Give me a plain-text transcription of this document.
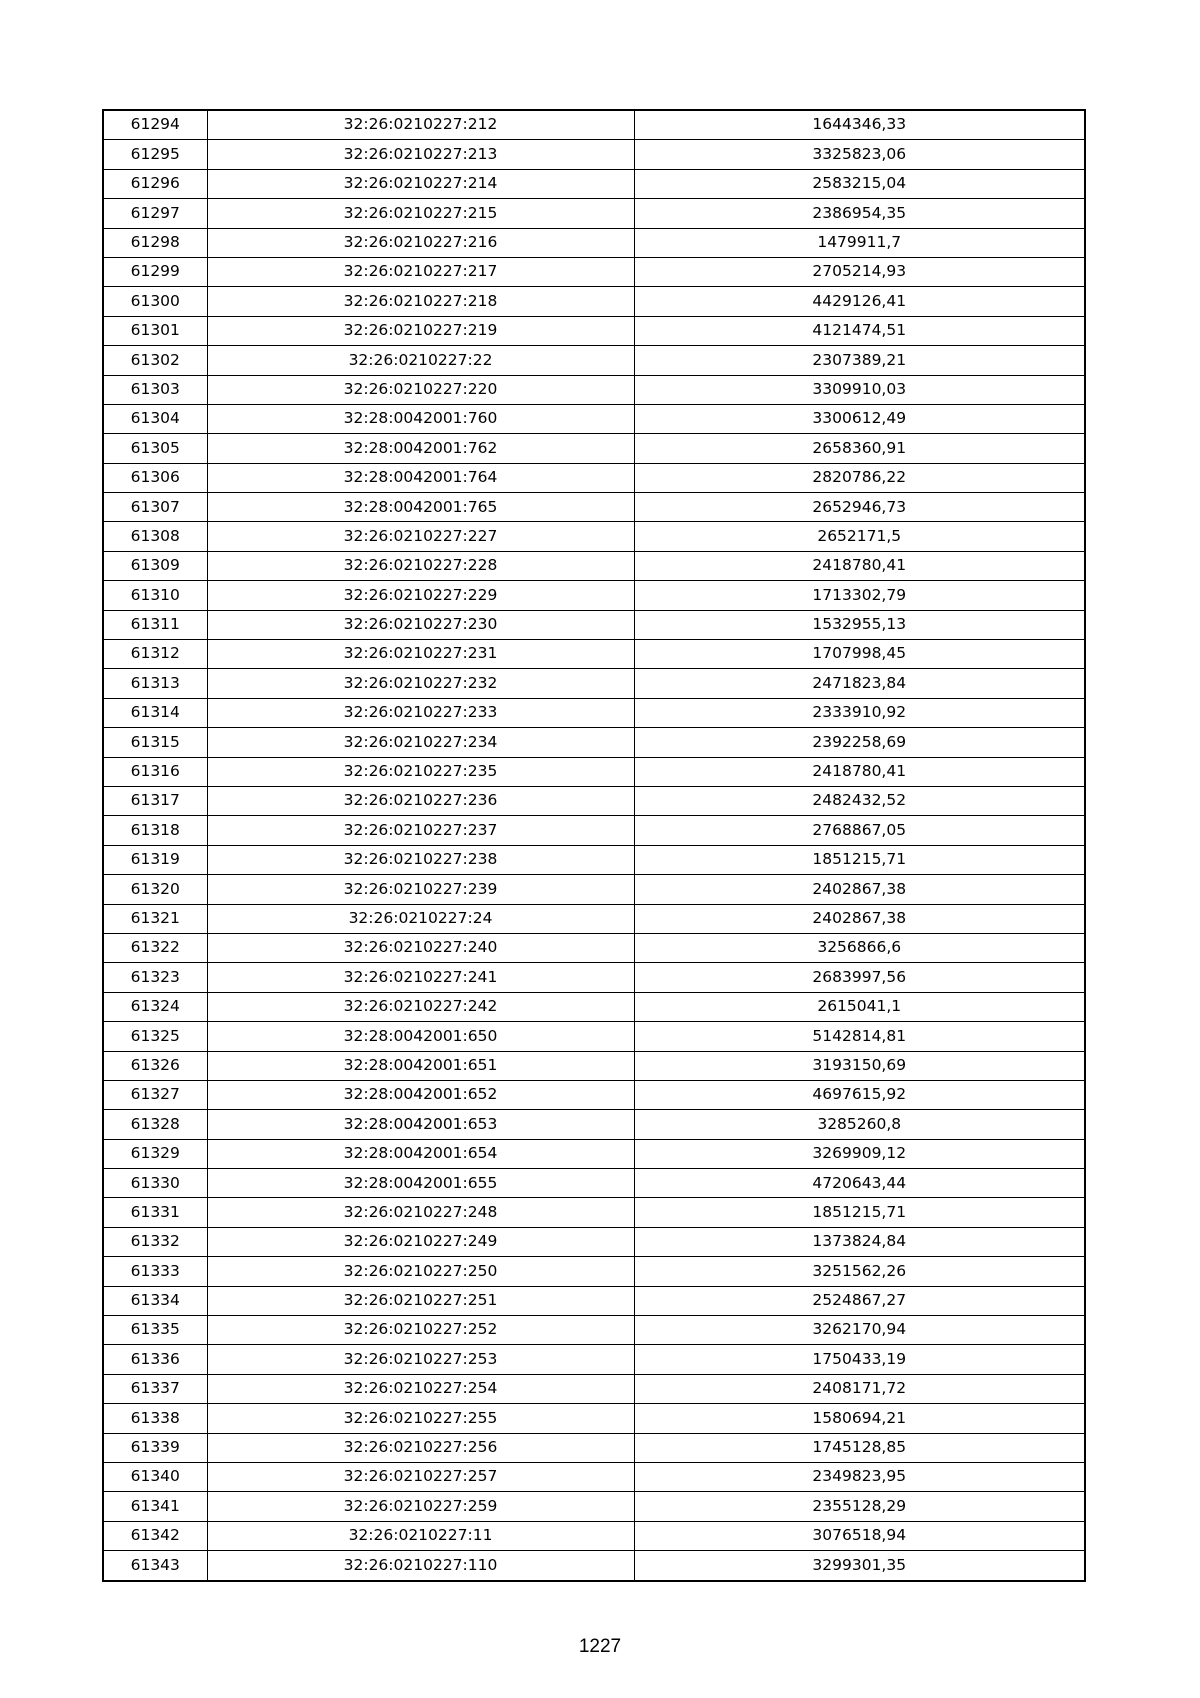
61294	32:26:0210227:212	1644346,33
61295	32:26:0210227:213	3325823,06
61296	32:26:0210227:214	2583215,04
61297	32:26:0210227:215	2386954,35
61298	32:26:0210227:216	1479911,7
61299	32:26:0210227:217	2705214,93
61300	32:26:0210227:218	4429126,41
61301	32:26:0210227:219	4121474,51
61302	32:26:0210227:22	2307389,21
61303	32:26:0210227:220	3309910,03
61304	32:28:0042001:760	3300612,49
61305	32:28:0042001:762	2658360,91
61306	32:28:0042001:764	2820786,22
61307	32:28:0042001:765	2652946,73
61308	32:26:0210227:227	2652171,5
61309	32:26:0210227:228	2418780,41
61310	32:26:0210227:229	1713302,79
61311	32:26:0210227:230	1532955,13
61312	32:26:0210227:231	1707998,45
61313	32:26:0210227:232	2471823,84
61314	32:26:0210227:233	2333910,92
61315	32:26:0210227:234	2392258,69
61316	32:26:0210227:235	2418780,41
61317	32:26:0210227:236	2482432,52
61318	32:26:0210227:237	2768867,05
61319	32:26:0210227:238	1851215,71
61320	32:26:0210227:239	2402867,38
61321	32:26:0210227:24	2402867,38
61322	32:26:0210227:240	3256866,6
61323	32:26:0210227:241	2683997,56
61324	32:26:0210227:242	2615041,1
61325	32:28:0042001:650	5142814,81
61326	32:28:0042001:651	3193150,69
61327	32:28:0042001:652	4697615,92
61328	32:28:0042001:653	3285260,8
61329	32:28:0042001:654	3269909,12
61330	32:28:0042001:655	4720643,44
61331	32:26:0210227:248	1851215,71
61332	32:26:0210227:249	1373824,84
61333	32:26:0210227:250	3251562,26
61334	32:26:0210227:251	2524867,27
61335	32:26:0210227:252	3262170,94
61336	32:26:0210227:253	1750433,19
61337	32:26:0210227:254	2408171,72
61338	32:26:0210227:255	1580694,21
61339	32:26:0210227:256	1745128,85
61340	32:26:0210227:257	2349823,95
61341	32:26:0210227:259	2355128,29
61342	32:26:0210227:11	3076518,94
61343	32:26:0210227:110	3299301,35
1227
